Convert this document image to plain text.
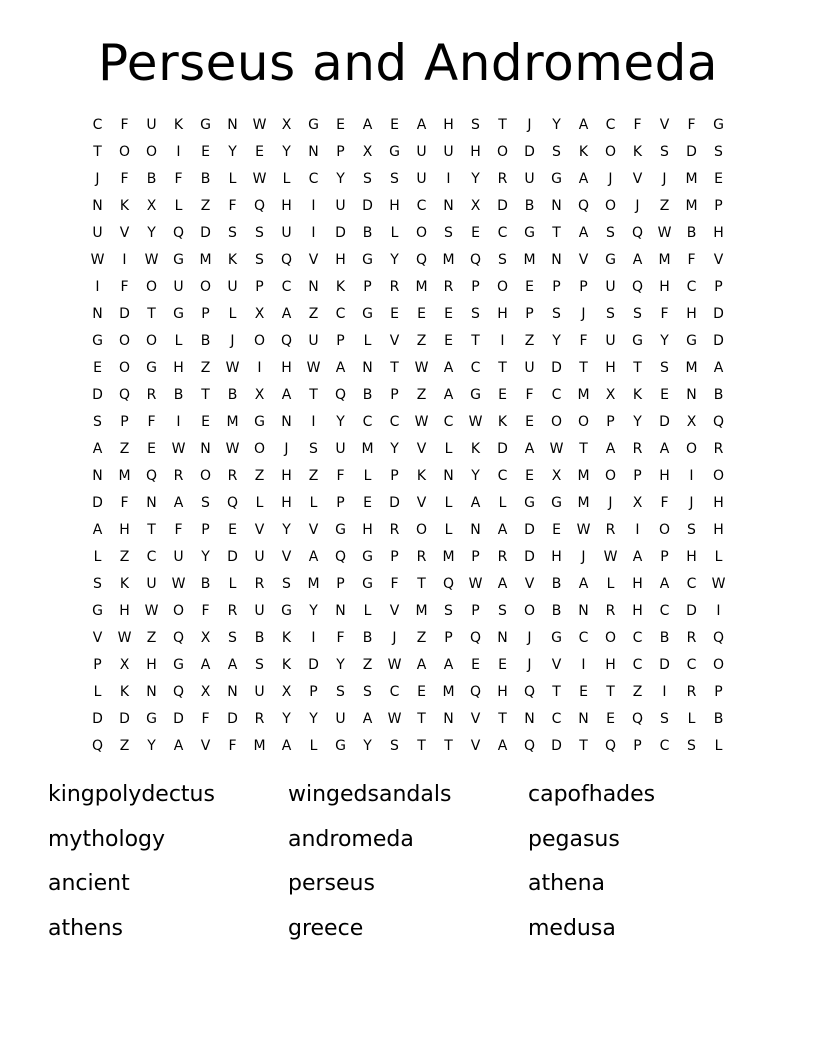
Perseus and Andromeda
C	F	U	K	G	N	W	X	G	E	A	E	A	H	S	T	J	Y	A	C	F	V	F	G
T	O	O	I	E	Y	E	Y	N	P	X	G	U	U	H	O	D	S	K	O	K	S	D	S
J	F	B	F	B	L	W	L	C	Y	S	S	U	I	Y	R	U	G	A	J	V	J	M	E
N	K	X	L	Z	F	Q	H	I	U	D	H	C	N	X	D	B	N	Q	O	J	Z	M	P
U	V	Y	Q	D	S	S	U	I	D	B	L	O	S	E	C	G	T	A	S	Q	W	B	H
W	I	W	G	M	K	S	Q	V	H	G	Y	Q	M	Q	S	M	N	V	G	A	M	F	V
I	F	O	U	O	U	P	C	N	K	P	R	M	R	P	O	E	P	P	U	Q	H	C	P
N	D	T	G	P	L	X	A	Z	C	G	E	E	E	S	H	P	S	J	S	S	F	H	D
G	O	O	L	B	J	O	Q	U	P	L	V	Z	E	T	I	Z	Y	F	U	G	Y	G	D
E	O	G	H	Z	W	I	H	W	A	N	T	W	A	C	T	U	D	T	H	T	S	M	A
D	Q	R	B	T	B	X	A	T	Q	B	P	Z	A	G	E	F	C	M	X	K	E	N	B
S	P	F	I	E	M	G	N	I	Y	C	C	W	C	W	K	E	O	O	P	Y	D	X	Q
A	Z	E	W	N	W	O	J	S	U	M	Y	V	L	K	D	A	W	T	A	R	A	O	R
N	M	Q	R	O	R	Z	H	Z	F	L	P	K	N	Y	C	E	X	M	O	P	H	I	O
D	F	N	A	S	Q	L	H	L	P	E	D	V	L	A	L	G	G	M	J	X	F	J	H
A	H	T	F	P	E	V	Y	V	G	H	R	O	L	N	A	D	E	W	R	I	O	S	H
L	Z	C	U	Y	D	U	V	A	Q	G	P	R	M	P	R	D	H	J	W	A	P	H	L
S	K	U	W	B	L	R	S	M	P	G	F	T	Q	W	A	V	B	A	L	H	A	C	W
G	H	W	O	F	R	U	G	Y	N	L	V	M	S	P	S	O	B	N	R	H	C	D	I
V	W	Z	Q	X	S	B	K	I	F	B	J	Z	P	Q	N	J	G	C	O	C	B	R	Q
P	X	H	G	A	A	S	K	D	Y	Z	W	A	A	E	E	J	V	I	H	C	D	C	O
L	K	N	Q	X	N	U	X	P	S	S	C	E	M	Q	H	Q	T	E	T	Z	I	R	P
D	D	G	D	F	D	R	Y	Y	U	A	W	T	N	V	T	N	C	N	E	Q	S	L	B
Q	Z	Y	A	V	F	M	A	L	G	Y	S	T	T	V	A	Q	D	T	Q	P	C	S	L
kingpolydectus	wingedsandals	capofhades
mythology	andromeda	pegasus
ancient	perseus	athena
athens	greece	medusa
